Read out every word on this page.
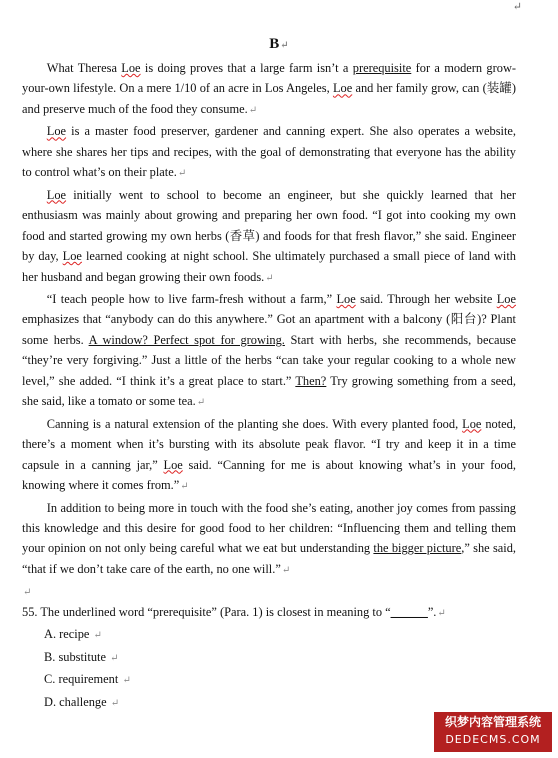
↵
B↵

What Theresa Loe is doing proves that a large farm isn’t a prerequisite for a modern grow-your-own lifestyle. On a mere 1/10 of an acre in Los Angeles, Loe and her family grow, can (装罐) and preserve much of the food they consume.↵

Loe is a master food preserver, gardener and canning expert. She also operates a website, where she shares her tips and recipes, with the goal of demonstrating that everyone has the ability to control what’s on their plate.↵

Loe initially went to school to become an engineer, but she quickly learned that her enthusiasm was mainly about growing and preparing her own food. “I got into cooking my own food and started growing my own herbs (香草) and foods for that fresh flavor,” she said. Engineer by day, Loe learned cooking at night school. She ultimately purchased a small piece of land with her husband and began growing their own foods.↵

“I teach people how to live farm-fresh without a farm,” Loe said. Through her website Loe emphasizes that “anybody can do this anywhere.” Got an apartment with a balcony (阳台)? Plant some herbs. A window? Perfect spot for growing. Start with herbs, she recommends, because “they’re very forgiving.” Just a little of the herbs “can take your regular cooking to a whole new level,” she added. “I think it’s a great place to start.” Then? Try growing something from a seed, she said, like a tomato or some tea.↵

Canning is a natural extension of the planting she does. With every planted food, Loe noted, there’s a moment when it’s bursting with its absolute peak flavor. “I try and keep it in a time capsule in a canning jar,” Loe said. “Canning for me is about knowing what’s in your food, knowing where it comes from.”↵

In addition to being more in touch with the food she’s eating, another joy comes from passing this knowledge and this desire for good food to her children: “Influencing them and telling them your opinion on not only being careful what we eat but understanding the bigger picture,” she said, “that if we don’t take care of the earth, no one will.”↵

↵

55. The underlined word “prerequisite” (Para. 1) is closest in meaning to “______”.↵

A. recipe ↵
B. substitute ↵
C. requirement ↵
D. challenge ↵
织梦内容管理系统
DEDECMS.COM
